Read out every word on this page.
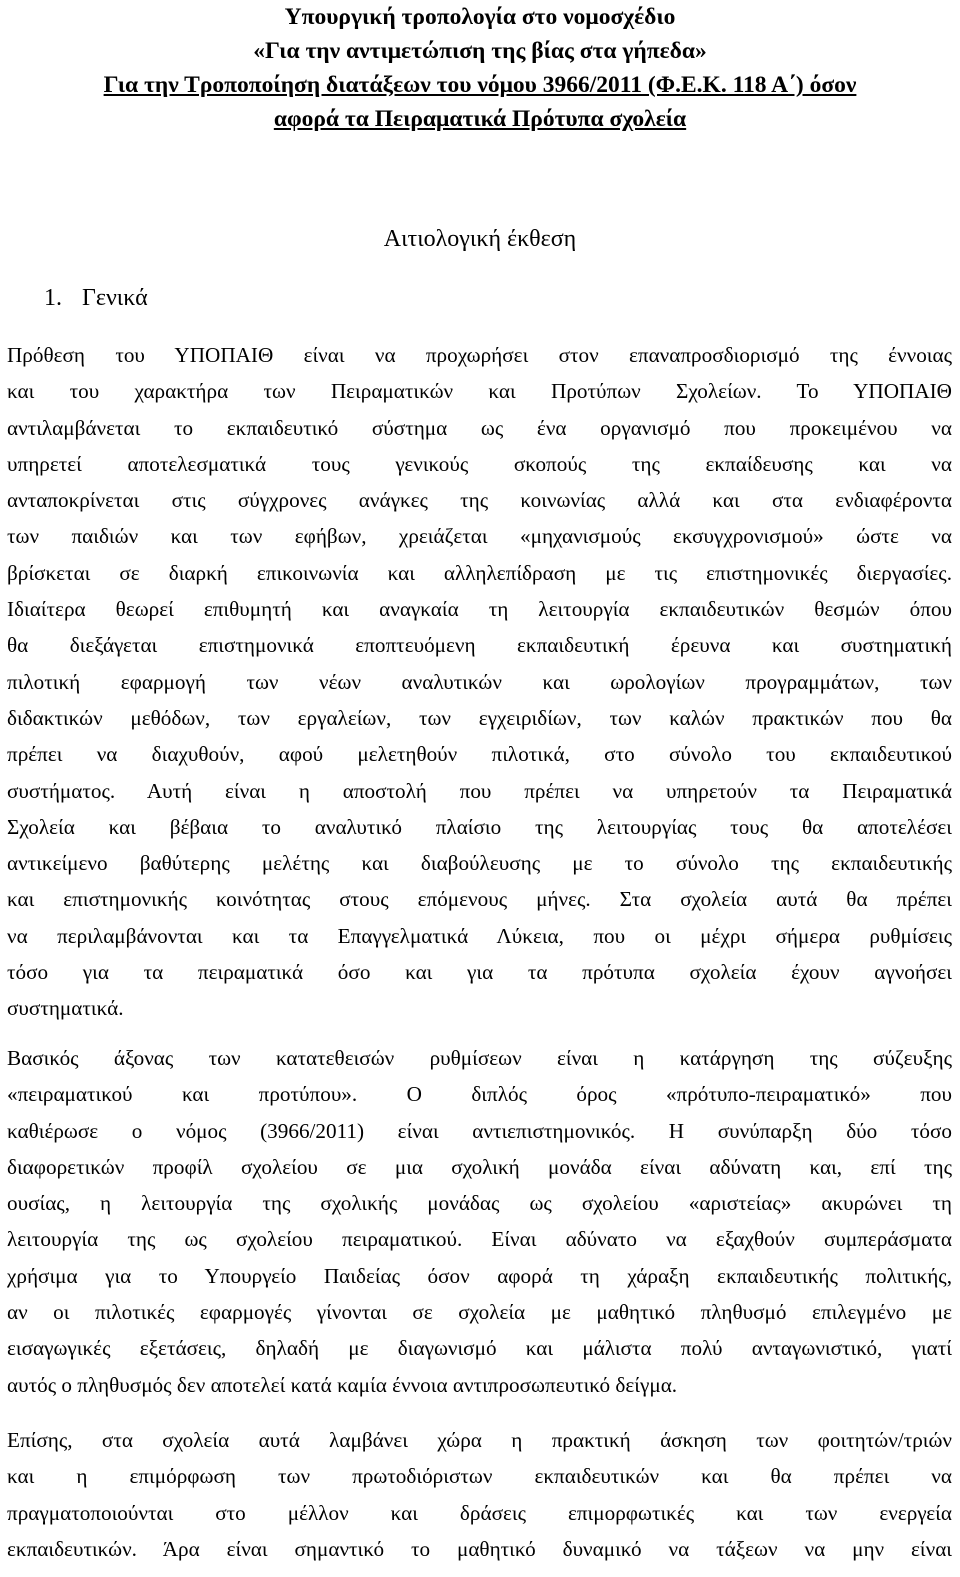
Υπουργική τροπολογία στο νομοσχέδιο
«Για την αντιμετώπιση της βίας στα γήπεδα»
Για την Τροποποίηση διατάξεων του νόμου 3966/2011 (Φ.Ε.Κ. 118 Α΄) όσον
αφορά τα Πειραματικά Πρότυπα σχολεία
Αιτιολογική έκθεση
1. Γενικά
Πρόθεση του ΥΠΟΠΑΙΘ είναι να προχωρήσει στον επαναπροσδιορισμό της έννοιας
και του χαρακτήρα των Πειραματικών και Προτύπων Σχολείων. Το ΥΠΟΠΑΙΘ
αντιλαμβάνεται το εκπαιδευτικό σύστημα ως ένα οργανισμό που προκειμένου να
υπηρετεί αποτελεσματικά τους γενικούς σκοπούς της εκπαίδευσης και να
ανταποκρίνεται στις σύγχρονες ανάγκες της κοινωνίας αλλά και στα ενδιαφέροντα
των παιδιών και των εφήβων, χρειάζεται «μηχανισμούς εκσυγχρονισμού» ώστε να
βρίσκεται σε διαρκή επικοινωνία και αλληλεπίδραση με τις επιστημονικές διεργασίες.
Ιδιαίτερα θεωρεί επιθυμητή και αναγκαία τη λειτουργία εκπαιδευτικών θεσμών όπου
θα διεξάγεται επιστημονικά εποπτευόμενη εκπαιδευτική έρευνα και συστηματική
πιλοτική εφαρμογή των νέων αναλυτικών και ωρολογίων προγραμμάτων, των
διδακτικών μεθόδων, των εργαλείων, των εγχειριδίων, των καλών πρακτικών που θα
πρέπει να διαχυθούν, αφού μελετηθούν πιλοτικά, στο σύνολο του εκπαιδευτικού
συστήματος. Αυτή είναι η αποστολή που πρέπει να υπηρετούν τα Πειραματικά
Σχολεία και βέβαια το αναλυτικό πλαίσιο της λειτουργίας τους θα αποτελέσει
αντικείμενο βαθύτερης μελέτης και διαβούλευσης με το σύνολο της εκπαιδευτικής
και επιστημονικής κοινότητας στους επόμενους μήνες. Στα σχολεία αυτά θα πρέπει
να περιλαμβάνονται και τα Επαγγελματικά Λύκεια, που οι μέχρι σήμερα ρυθμίσεις
τόσο για τα πειραματικά όσο και για τα πρότυπα σχολεία έχουν αγνοήσει
συστηματικά.
Βασικός άξονας των κατατεθεισών ρυθμίσεων είναι η κατάργηση της σύζευξης
«πειραματικού και προτύπου». Ο διπλός όρος «πρότυπο-πειραματικό» που
καθιέρωσε ο νόμος (3966/2011) είναι αντιεπιστημονικός. Η συνύπαρξη δύο τόσο
διαφορετικών προφίλ σχολείου σε μια σχολική μονάδα είναι αδύνατη και, επί της
ουσίας, η λειτουργία της σχολικής μονάδας ως σχολείου «αριστείας» ακυρώνει τη
λειτουργία της ως σχολείου πειραματικού. Είναι αδύνατο να εξαχθούν συμπεράσματα
χρήσιμα για το Υπουργείο Παιδείας όσον αφορά τη χάραξη εκπαιδευτικής πολιτικής,
αν οι πιλοτικές εφαρμογές γίνονται σε σχολεία με μαθητικό πληθυσμό επιλεγμένο με
εισαγωγικές εξετάσεις, δηλαδή με διαγωνισμό και μάλιστα πολύ ανταγωνιστικό, γιατί
αυτός ο πληθυσμός δεν αποτελεί κατά καμία έννοια αντιπροσωπευτικό δείγμα.
Επίσης, στα σχολεία αυτά λαμβάνει χώρα η πρακτική άσκηση των φοιτητών/τριών
και η επιμόρφωση των πρωτοδιόριστων εκπαιδευτικών και θα πρέπει να
πραγματοποιούνται στο μέλλον και δράσεις επιμορφωτικές και των ενεργεία
εκπαιδευτικών. Άρα είναι σημαντικό το μαθητικό δυναμικό να τάξεων να μην είναι
